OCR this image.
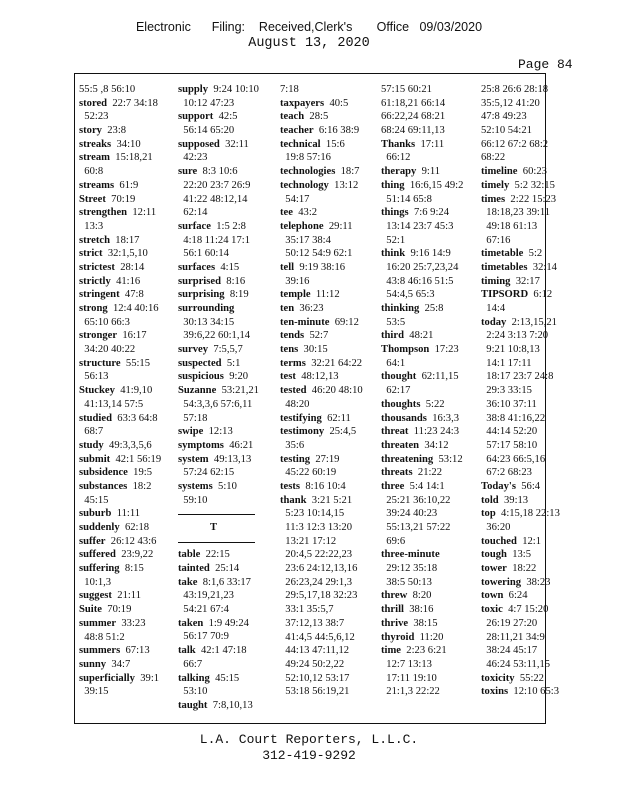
Electronic      Filing:    Received,Clerk's       Office   09/03/2020
August 13, 2020
Page 84
55:5 ,8 56:10
stored  22:7 34:18
52:23
story  23:8
streaks  34:10
stream  15:18,21
60:8
streams  61:9
Street  70:19
strengthen  12:11
13:3
stretch  18:17
strict  32:1,5,10
strictest  28:14
strictly  41:16
stringent  47:8
strong  12:4 40:16
65:10 66:3
stronger  16:17
34:20 40:22
structure  55:15
56:13
Stuckey  41:9,10
41:13,14 57:5
studied  63:3 64:8
68:7
study  49:3,3,5,6
submit  42:1 56:19
subsidence  19:5
substances  18:2
45:15
suburb  11:11
suddenly  62:18
suffer  26:12 43:6
suffered  23:9,22
suffering  8:15
10:1,3
suggest  21:11
Suite  70:19
summer  33:23
48:8 51:2
summers  67:13
sunny  34:7
superficially  39:1
39:15
supply  9:24 10:10
10:12 47:23
support  42:5
56:14 65:20
supposed  32:11
42:23
sure  8:3 10:6
22:20 23:7 26:9
41:22 48:12,14
62:14
surface  1:5 2:8
4:18 11:24 17:1
56:1 60:14
surfaces  4:15
surprised  8:16
surprising  8:19
surrounding
30:13 34:15
39:6,22 60:1,14
survey  7:5,5,7
suspected  5:1
suspicious  9:20
Suzanne  53:21,21
54:3,3,6 57:6,11
57:18
swipe  12:13
symptoms  46:21
system  49:13,13
57:24 62:15
systems  5:10
59:10
T
table  22:15
tainted  25:14
take  8:1,6 33:17
43:19,21,23
54:21 67:4
taken  1:9 49:24
56:17 70:9
talk  42:1 47:18
66:7
talking  45:15
53:10
taught  7:8,10,13
7:18
taxpayers  40:5
teach  28:5
teacher  6:16 38:9
technical  15:6
19:8 57:16
technologies  18:7
technology  13:12
54:17
tee  43:2
telephone  29:11
35:17 38:4
50:12 54:9 62:1
tell  9:19 38:16
39:16
temple  11:12
ten  36:23
ten-minute  69:12
tends  52:7
tens  30:15
terms  32:21 64:22
test  48:12,13
tested  46:20 48:10
48:20
testifying  62:11
testimony  25:4,5
35:6
testing  27:19
45:22 60:19
tests  8:16 10:4
thank  3:21 5:21
5:23 10:14,15
11:3 12:3 13:20
13:21 17:12
20:4,5 22:22,23
23:6 24:12,13,16
26:23,24 29:1,3
29:5,17,18 32:23
33:1 35:5,7
37:12,13 38:7
41:4,5 44:5,6,12
44:13 47:11,12
49:24 50:2,22
52:10,12 53:17
53:18 56:19,21
57:15 60:21
61:18,21 66:14
66:22,24 68:21
68:24 69:11,13
Thanks  17:11
66:12
therapy  9:11
thing  16:6,15 49:2
51:14 65:8
things  7:6 9:24
13:14 23:7 45:3
52:1
think  9:16 14:9
16:20 25:7,23,24
43:8 46:16 51:5
54:4,5 65:3
thinking  25:8
53:5
third  48:21
Thompson  17:23
64:1
thought  62:11,15
62:17
thoughts  5:22
thousands  16:3,3
threat  11:23 24:3
threaten  34:12
threatening  53:12
threats  21:22
three  5:4 14:1
25:21 36:10,22
39:24 40:23
55:13,21 57:22
69:6
three-minute
29:12 35:18
38:5 50:13
threw  8:20
thrill  38:16
thrive  38:15
thyroid  11:20
time  2:23 6:21
12:7 13:13
17:11 19:10
21:1,3 22:22
25:8 26:6 28:18
35:5,12 41:20
47:8 49:23
52:10 54:21
66:12 67:2 68:2
68:22
timeline  60:23
timely  5:2 32:15
times  2:22 15:23
18:18,23 39:11
49:18 61:13
67:16
timetable  5:2
timetables  32:14
timing  32:17
TIPSORD  6:12
14:4
today  2:13,15,21
2:24 3:13 7:20
9:21 10:8,13
14:1 17:11
18:17 23:7 24:8
29:3 33:15
36:10 37:11
38:8 41:16,22
44:14 52:20
57:17 58:10
64:23 66:5,16
67:2 68:23
Today's  56:4
told  39:13
top  4:15,18 22:13
36:20
touched  12:1
tough  13:5
tower  18:22
towering  38:23
town  6:24
toxic  4:7 15:20
26:19 27:20
28:11,21 34:9
38:24 45:17
46:24 53:11,15
toxicity  55:22
toxins  12:10 65:3
L.A. Court Reporters, L.L.C.
312-419-9292
